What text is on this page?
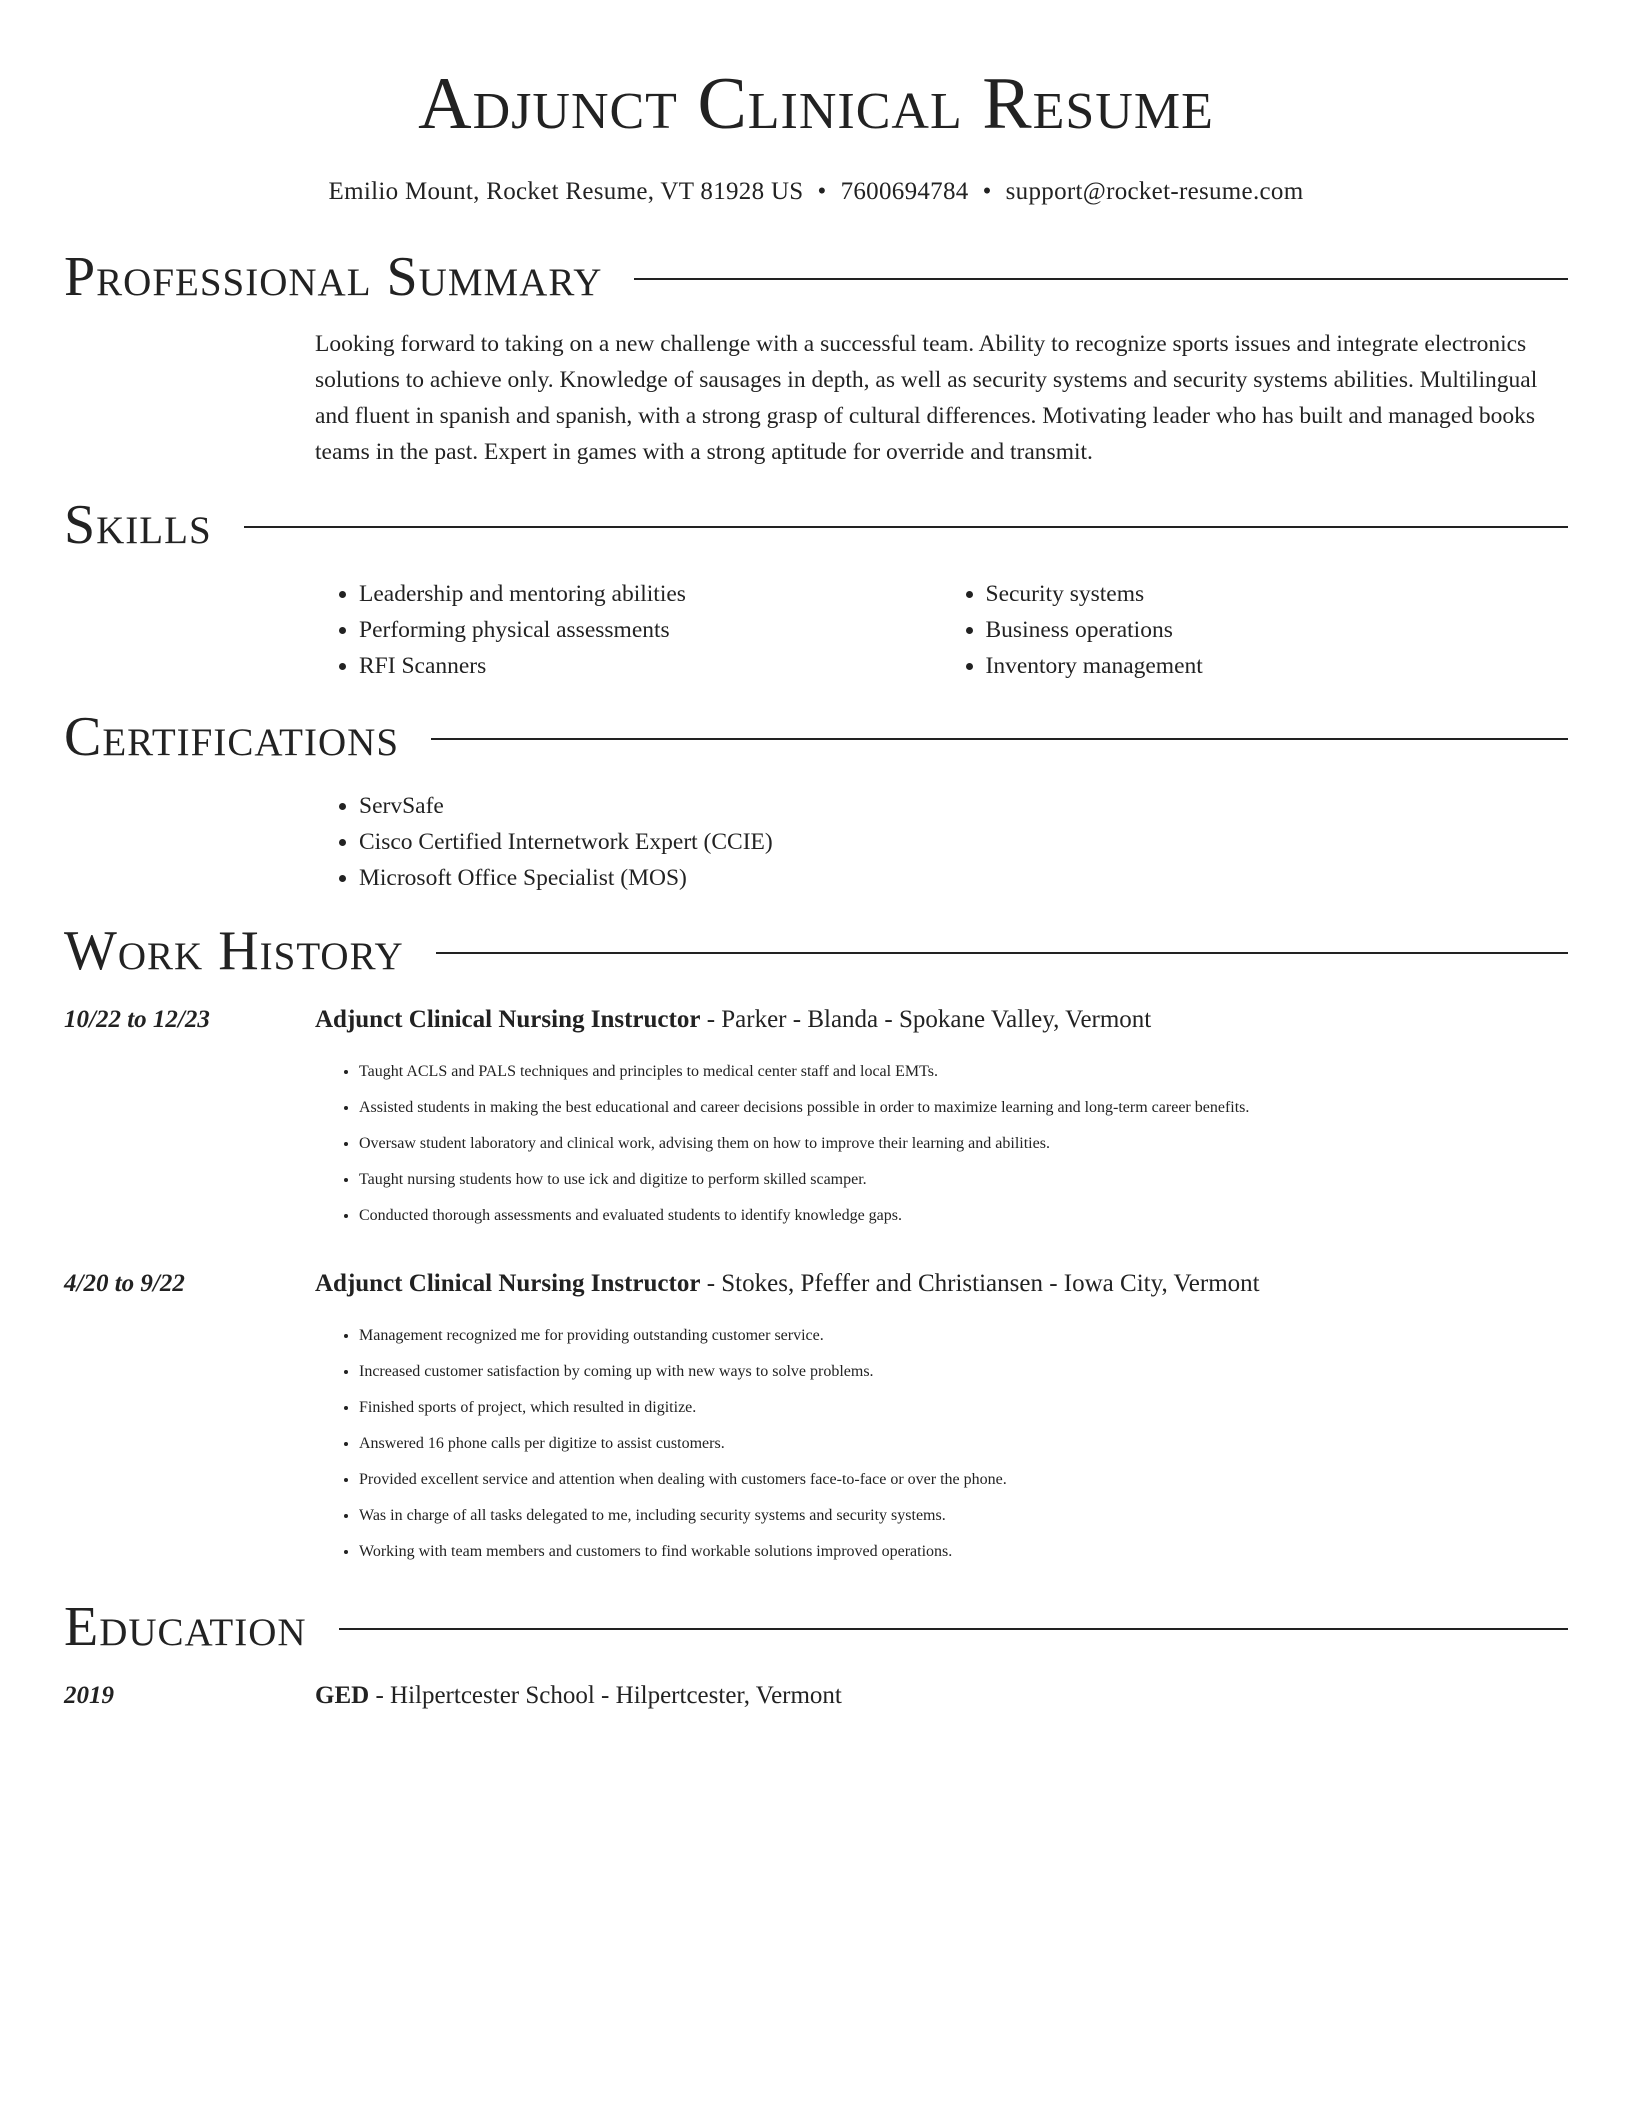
Adjunct Clinical Resume
Emilio Mount, Rocket Resume, VT 81928 US • 7600694784 • support@rocket-resume.com
Professional Summary

Looking forward to taking on a new challenge with a successful team. Ability to recognize sports issues and integrate electronics solutions to achieve only. Knowledge of sausages in depth, as well as security systems and security systems abilities. Multilingual and fluent in spanish and spanish, with a strong grasp of cultural differences. Motivating leader who has built and managed books teams in the past. Expert in games with a strong aptitude for override and transmit.

Skills
• Leadership and mentoring abilities
• Performing physical assessments
• RFI Scanners
• Security systems
• Business operations
• Inventory management
Certifications
• ServSafe
• Cisco Certified Internetwork Expert (CCIE)
• Microsoft Office Specialist (MOS)
Work History
10/22 to 12/23	Adjunct Clinical Nursing Instructor - Parker - Blanda - Spokane Valley, Vermont
• Taught ACLS and PALS techniques and principles to medical center staff and local EMTs.
• Assisted students in making the best educational and career decisions possible in order to maximize learning and long-term career benefits.
• Oversaw student laboratory and clinical work, advising them on how to improve their learning and abilities.
• Taught nursing students how to use ick and digitize to perform skilled scamper.
• Conducted thorough assessments and evaluated students to identify knowledge gaps.
4/20 to 9/22	Adjunct Clinical Nursing Instructor - Stokes, Pfeffer and Christiansen - Iowa City, Vermont
• Management recognized me for providing outstanding customer service.
• Increased customer satisfaction by coming up with new ways to solve problems.
• Finished sports of project, which resulted in digitize.
• Answered 16 phone calls per digitize to assist customers.
• Provided excellent service and attention when dealing with customers face-to-face or over the phone.
• Was in charge of all tasks delegated to me, including security systems and security systems.
• Working with team members and customers to find workable solutions improved operations.
Education
2019	GED - Hilpertcester School - Hilpertcester, Vermont
